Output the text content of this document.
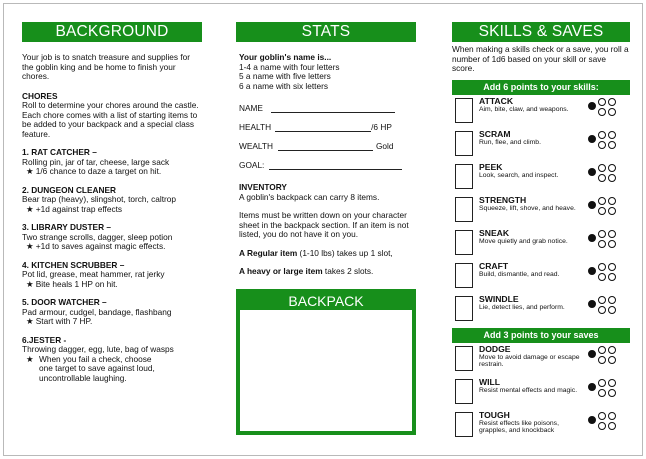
BACKGROUND
Your job is to snatch treasure and supplies for the goblin king and be home to finish your chores.
CHORES
Roll to determine your chores around the castle. Each chore comes with a list of starting items to be added to your backpack and a special class feature.
1. RAT CATCHER –
Rolling pin, jar of tar, cheese, large sack
★ 1/6 chance to daze a target on hit.
2. DUNGEON CLEANER
Bear trap (heavy), slingshot, torch, caltrop
★ +1d against trap effects
3. LIBRARY DUSTER –
Two strange scrolls, dagger, sleep potion
★ +1d to saves against magic effects.
4. KITCHEN SCRUBBER –
Pot lid, grease, meat hammer, rat jerky
★ Bite heals 1 HP on hit.
5. DOOR WATCHER –
Pad armour, cudgel, bandage, flashbang
★ Start with 7 HP.
6.JESTER -
Throwing dagger, egg, lute, bag of wasps
★ When you fail a check, choose one target to save against loud, uncontrollable laughing.
STATS
Your goblin's name is...
1-4 a name with four letters
5 a name with five letters
6 a name with six letters
NAME
HEALTH	/6 HP
WEALTH	Gold
GOAL:
INVENTORY
A goblin's backpack can carry 8 items.
Items must be written down on your character sheet in the backpack section. If an item is not listed, you do not have it on you.
A Regular item (1-10 lbs) takes up 1 slot,
A heavy or large item takes 2 slots.
BACKPACK
SKILLS & SAVES
When making a skills check or a save, you roll a number of 1d6 based on your skill or save score.
Add 6 points to your skills:
ATTACK
Aim, bite, claw, and weapons.
SCRAM
Run, flee, and climb.
PEEK
Look, search, and inspect.
STRENGTH
Squeeze, lift, shove, and heave.
SNEAK
Move quietly and grab notice.
CRAFT
Build, dismantle, and read.
SWINDLE
Lie, detect lies, and perform.
Add 3 points to your saves
DODGE
Move to avoid damage or escape restrain.
WILL
Resist mental effects and magic.
TOUGH
Resist effects like poisons, grapples, and knockback
